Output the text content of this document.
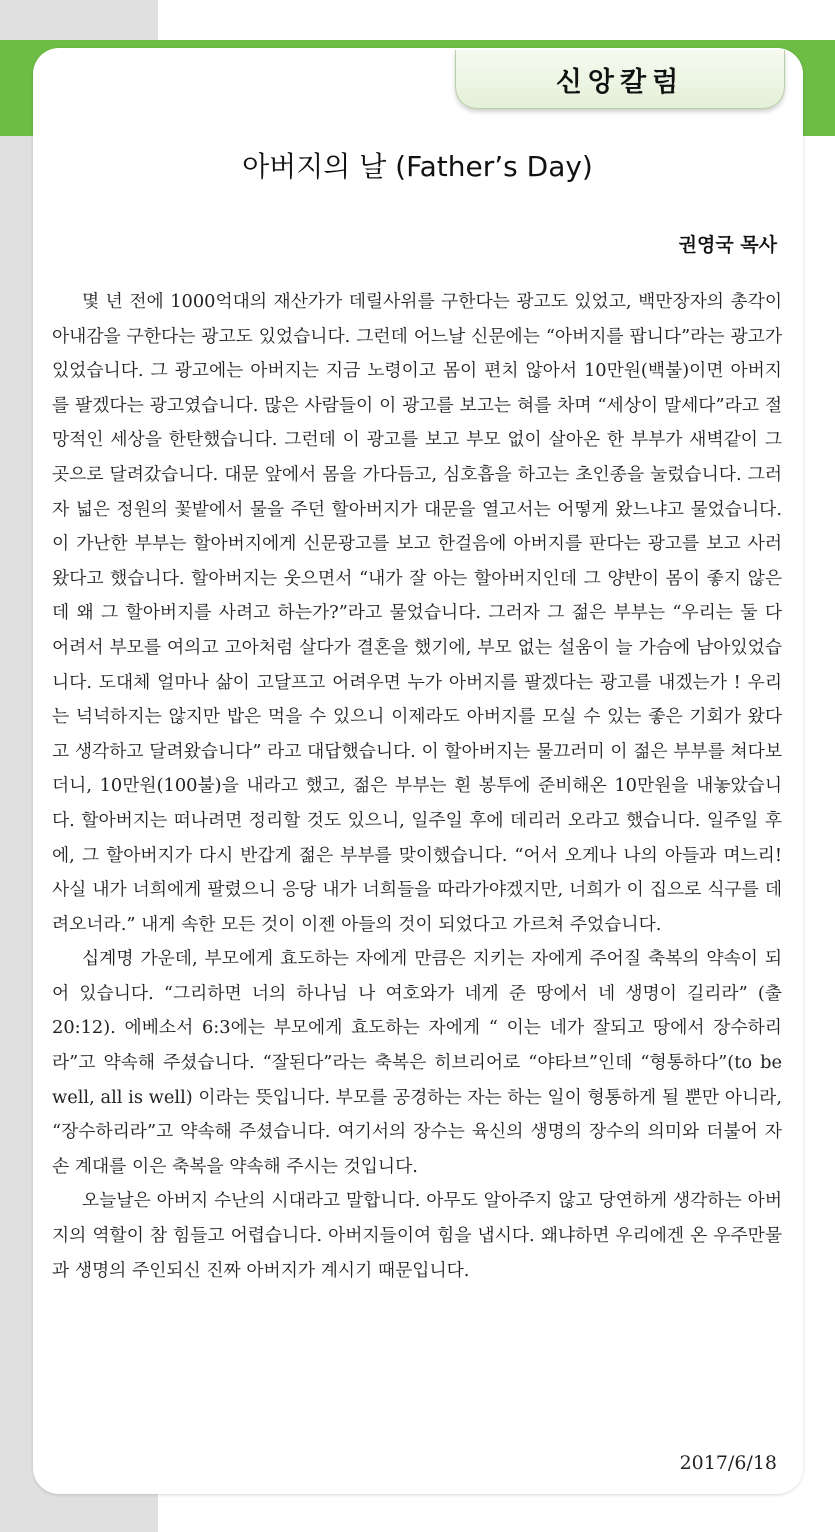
신앙칼럼
아버지의 날 (Father’s Day)
권영국 목사

몇 년 전에 1000억대의 재산가가 데릴사위를 구한다는 광고도 있었고, 백만장자의 총각이 아내감을 구한다는 광고도 있었습니다. 그런데 어느날 신문에는 “아버지를 팝니다”라는 광고가 있었습니다. 그 광고에는 아버지는 지금 노령이고 몸이 편치 않아서 10만원(백불)이면 아버지를 팔겠다는 광고였습니다. 많은 사람들이 이 광고를 보고는 혀를 차며 “세상이 말세다”라고 절망적인 세상을 한탄했습니다. 그런데 이 광고를 보고 부모 없이 살아온 한 부부가 새벽같이 그곳으로 달려갔습니다. 대문 앞에서 몸을 가다듬고, 심호흡을 하고는 초인종을 눌렀습니다. 그러자 넓은 정원의 꽃밭에서 물을 주던 할아버지가 대문을 열고서는 어떻게 왔느냐고 물었습니다. 이 가난한 부부는 할아버지에게 신문광고를 보고 한걸음에 아버지를 판다는 광고를 보고 사러왔다고 했습니다. 할아버지는 웃으면서 “내가 잘 아는 할아버지인데 그 양반이 몸이 좋지 않은데 왜 그 할아버지를 사려고 하는가?”라고 물었습니다. 그러자 그 젊은 부부는 “우리는 둘 다 어려서 부모를 여의고 고아처럼 살다가 결혼을 했기에, 부모 없는 설움이 늘 가슴에 남아있었습니다. 도대체 얼마나 삶이 고달프고 어려우면 누가 아버지를 팔겠다는 광고를 내겠는가 ! 우리는 넉넉하지는 않지만 밥은 먹을 수 있으니 이제라도 아버지를 모실 수 있는 좋은 기회가 왔다고 생각하고 달려왔습니다” 라고 대답했습니다. 이 할아버지는 물끄러미 이 젊은 부부를 쳐다보더니, 10만원(100불)을 내라고 했고, 젊은 부부는 흰 봉투에 준비해온 10만원을 내놓았습니다. 할아버지는 떠나려면 정리할 것도 있으니, 일주일 후에 데리러 오라고 했습니다. 일주일 후에, 그 할아버지가 다시 반갑게 젊은 부부를 맞이했습니다. “어서 오게나 나의 아들과 며느리! 사실 내가 너희에게 팔렸으니 응당 내가 너희들을 따라가야겠지만, 너희가 이 집으로 식구를 데려오너라.” 내게 속한 모든 것이 이젠 아들의 것이 되었다고 가르쳐 주었습니다.

십계명 가운데, 부모에게 효도하는 자에게 만큼은 지키는 자에게 주어질 축복의 약속이 되어 있습니다. “그리하면 너의 하나님 나 여호와가 네게 준 땅에서 네 생명이 길리라” (출20:12). 에베소서 6:3에는 부모에게 효도하는 자에게 “ 이는 네가 잘되고 땅에서 장수하리라”고 약속해 주셨습니다. “잘된다”라는 축복은 히브리어로 “야타브”인데 “형통하다”(to be well, all is well) 이라는 뜻입니다. 부모를 공경하는 자는 하는 일이 형통하게 될 뿐만 아니라, “장수하리라”고 약속해 주셨습니다. 여기서의 장수는 육신의 생명의 장수의 의미와 더불어 자손 계대를 이은 축복을 약속해 주시는 것입니다.

오늘날은 아버지 수난의 시대라고 말합니다. 아무도 알아주지 않고 당연하게 생각하는 아버지의 역할이 참 힘들고 어렵습니다. 아버지들이여 힘을 냅시다. 왜냐하면 우리에겐 온 우주만물과 생명의 주인되신 진짜 아버지가 계시기 때문입니다.

2017/6/18
